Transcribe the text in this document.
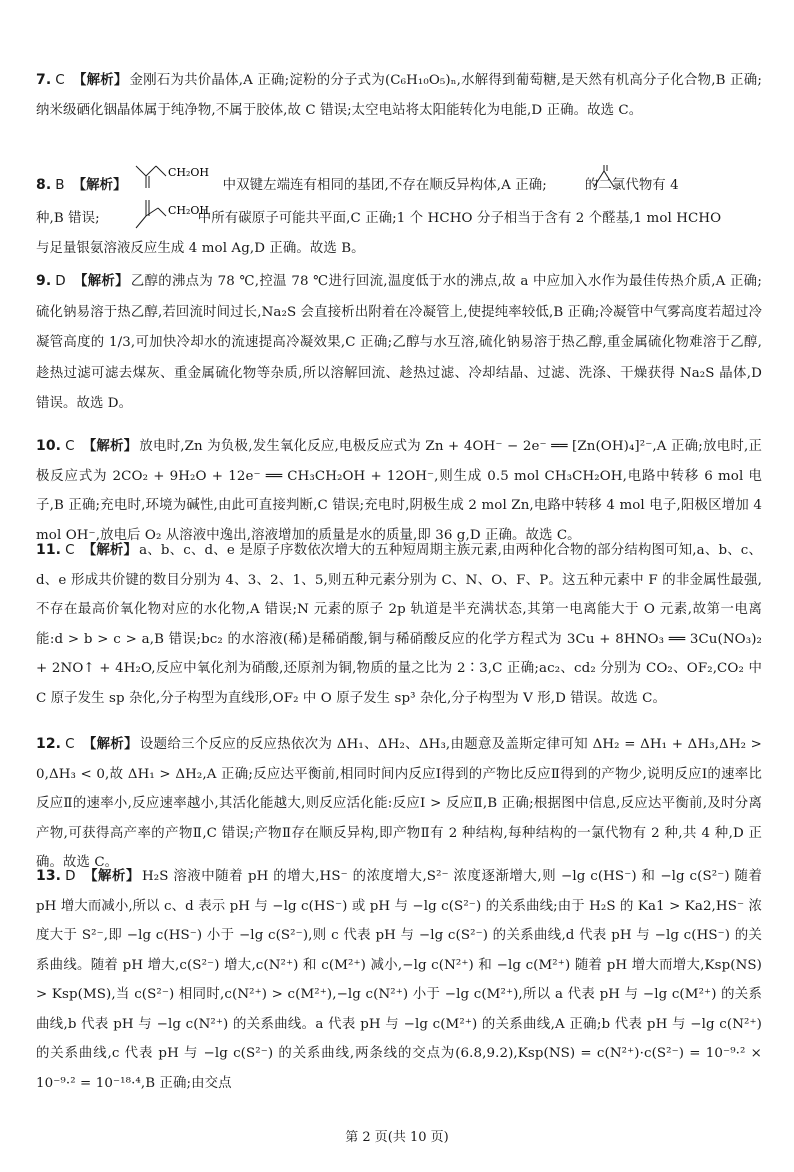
7. C 【解析】 金刚石为共价晶体,A 正确;淀粉的分子式为(C₆H₁₀O₅)ₙ,水解得到葡萄糖,是天然有机高分子化合物,B 正确;纳米级硒化铟晶体属于纯净物,不属于胶体,故 C 错误;太空电站将太阳能转化为电能,D 正确。故选 C。
8. B 【解析】	中双键左端连有相同的基团,不存在顺反异构体,A 正确;	的二氯代物有 4
种,B 错误;	中所有碳原子可能共平面,C 正确;1 个 HCHO 分子相当于含有 2 个醛基,1 mol HCHO
与足量银氨溶液反应生成 4 mol Ag,D 正确。故选 B。
CH₂OH
CH₂OH
9. D 【解析】 乙醇的沸点为 78 ℃,控温 78 ℃进行回流,温度低于水的沸点,故 a 中应加入水作为最佳传热介质,A 正确;硫化钠易溶于热乙醇,若回流时间过长,Na₂S 会直接析出附着在冷凝管上,使提纯率较低,B 正确;冷凝管中气雾高度若超过冷凝管高度的 1/3,可加快冷却水的流速提高冷凝效果,C 正确;乙醇与水互溶,硫化钠易溶于热乙醇,重金属硫化物难溶于乙醇,趁热过滤可滤去煤灰、重金属硫化物等杂质,所以溶解回流、趁热过滤、冷却结晶、过滤、洗涤、干燥获得 Na₂S 晶体,D 错误。故选 D。
10. C 【解析】 放电时,Zn 为负极,发生氧化反应,电极反应式为 Zn + 4OH⁻ − 2e⁻ ══ [Zn(OH)₄]²⁻,A 正确;放电时,正极反应式为 2CO₂ + 9H₂O + 12e⁻ ══ CH₃CH₂OH + 12OH⁻,则生成 0.5 mol CH₃CH₂OH,电路中转移 6 mol 电子,B 正确;充电时,环境为碱性,由此可直接判断,C 错误;充电时,阴极生成 2 mol Zn,电路中转移 4 mol 电子,阳极区增加 4 mol OH⁻,放电后 O₂ 从溶液中逸出,溶液增加的质量是水的质量,即 36 g,D 正确。故选 C。
11. C 【解析】 a、b、c、d、e 是原子序数依次增大的五种短周期主族元素,由两种化合物的部分结构图可知,a、b、c、d、e 形成共价键的数目分别为 4、3、2、1、5,则五种元素分别为 C、N、O、F、P。这五种元素中 F 的非金属性最强,不存在最高价氧化物对应的水化物,A 错误;N 元素的原子 2p 轨道是半充满状态,其第一电离能大于 O 元素,故第一电离能:d > b > c > a,B 错误;bc₂ 的水溶液(稀)是稀硝酸,铜与稀硝酸反应的化学方程式为 3Cu + 8HNO₃ ══ 3Cu(NO₃)₂ + 2NO↑ + 4H₂O,反应中氧化剂为硝酸,还原剂为铜,物质的量之比为 2∶3,C 正确;ac₂、cd₂ 分别为 CO₂、OF₂,CO₂ 中 C 原子发生 sp 杂化,分子构型为直线形,OF₂ 中 O 原子发生 sp³ 杂化,分子构型为 V 形,D 错误。故选 C。
12. C 【解析】 设题给三个反应的反应热依次为 ΔH₁、ΔH₂、ΔH₃,由题意及盖斯定律可知 ΔH₂ = ΔH₁ + ΔH₃,ΔH₂ > 0,ΔH₃ < 0,故 ΔH₁ > ΔH₂,A 正确;反应达平衡前,相同时间内反应Ⅰ得到的产物比反应Ⅱ得到的产物少,说明反应Ⅰ的速率比反应Ⅱ的速率小,反应速率越小,其活化能越大,则反应活化能:反应Ⅰ > 反应Ⅱ,B 正确;根据图中信息,反应达平衡前,及时分离产物,可获得高产率的产物Ⅱ,C 错误;产物Ⅱ存在顺反异构,即产物Ⅱ有 2 种结构,每种结构的一氯代物有 2 种,共 4 种,D 正确。故选 C。
13. D 【解析】 H₂S 溶液中随着 pH 的增大,HS⁻ 的浓度增大,S²⁻ 浓度逐渐增大,则 −lg c(HS⁻) 和 −lg c(S²⁻) 随着 pH 增大而减小,所以 c、d 表示 pH 与 −lg c(HS⁻) 或 pH 与 −lg c(S²⁻) 的关系曲线;由于 H₂S 的 Ka1 > Ka2,HS⁻ 浓度大于 S²⁻,即 −lg c(HS⁻) 小于 −lg c(S²⁻),则 c 代表 pH 与 −lg c(S²⁻) 的关系曲线,d 代表 pH 与 −lg c(HS⁻) 的关系曲线。随着 pH 增大,c(S²⁻) 增大,c(N²⁺) 和 c(M²⁺) 减小,−lg c(N²⁺) 和 −lg c(M²⁺) 随着 pH 增大而增大,Ksp(NS) > Ksp(MS),当 c(S²⁻) 相同时,c(N²⁺) > c(M²⁺),−lg c(N²⁺) 小于 −lg c(M²⁺),所以 a 代表 pH 与 −lg c(M²⁺) 的关系曲线,b 代表 pH 与 −lg c(N²⁺) 的关系曲线。a 代表 pH 与 −lg c(M²⁺) 的关系曲线,A 正确;b 代表 pH 与 −lg c(N²⁺) 的关系曲线,c 代表 pH 与 −lg c(S²⁻) 的关系曲线,两条线的交点为(6.8,9.2),Ksp(NS) = c(N²⁺)·c(S²⁻) = 10⁻⁹·² × 10⁻⁹·² = 10⁻¹⁸·⁴,B 正确;由交点
第 2 页(共 10 页)
